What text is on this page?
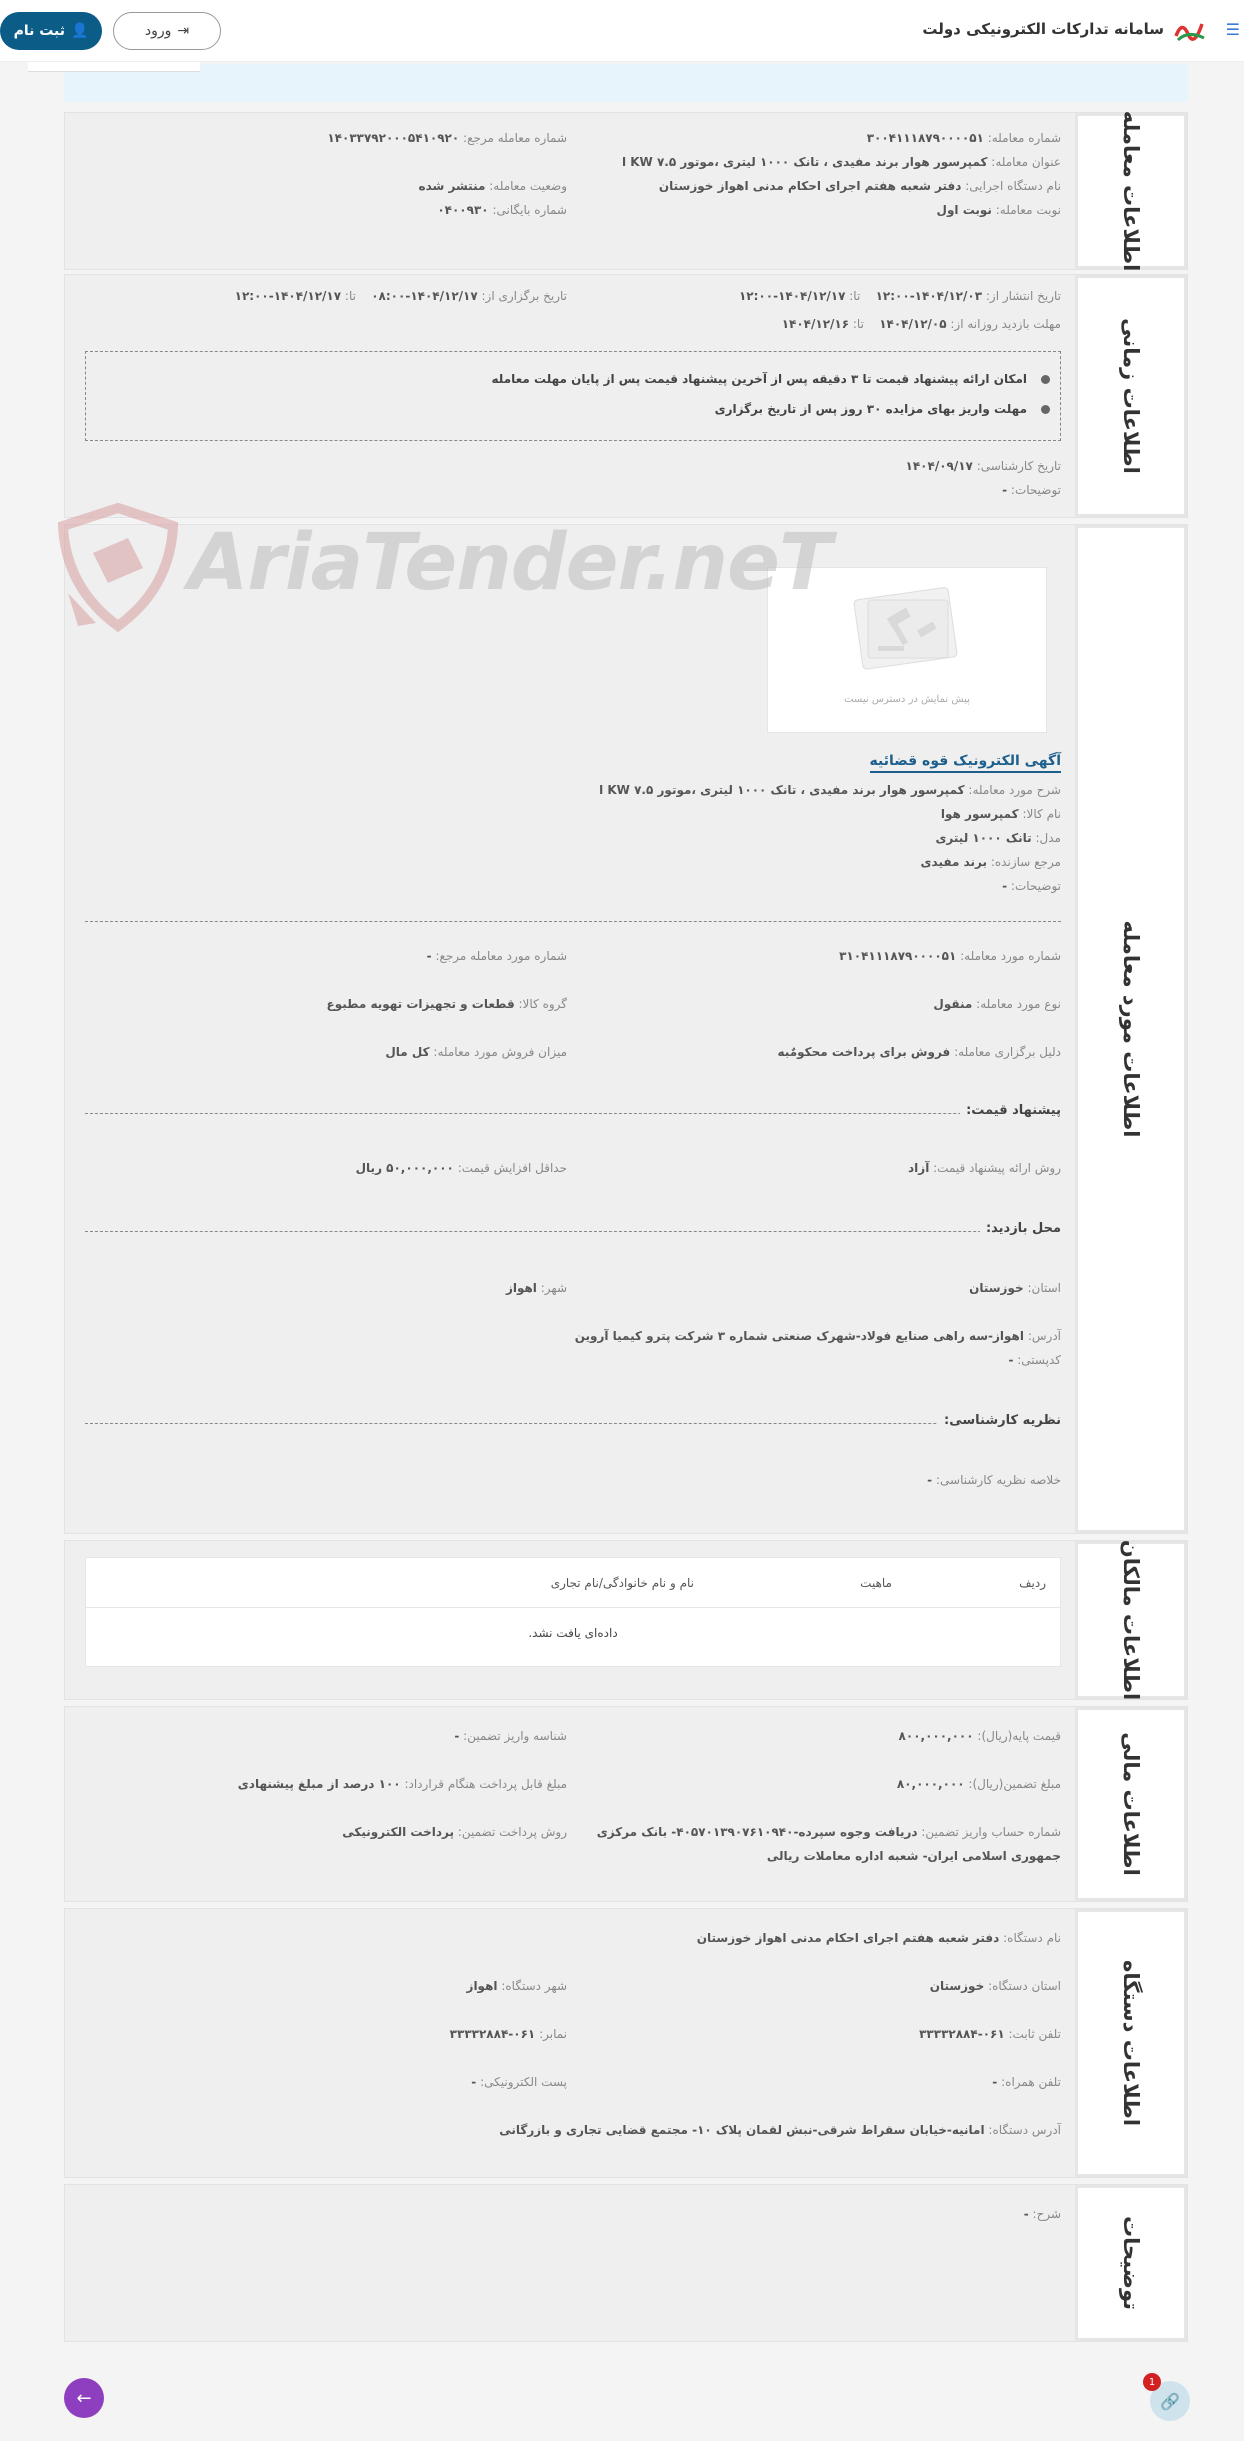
☰
سامانه تدارکات الکترونیکی دولت
⇥
ورود
👤
ثبت نام
اطلاعات معامله
شماره معامله: ۳۰۰۴۱۱۱۸۷۹۰۰۰۰۵۱
شماره معامله مرجع: ۱۴۰۳۳۷۹۲۰۰۰۵۴۱۰۹۲۰
عنوان معامله: کمپرسور هوار برند مفیدی ، تانک ۱۰۰۰ لیتری ،موتور ۷.۵ KW ا
نام دستگاه اجرایی: دفتر شعبه هفتم اجرای احکام مدنی اهواز خوزستان
وضعیت معامله: منتشر شده
نوبت معامله: نوبت اول
شماره بایگانی: ۰۴۰۰۹۳۰
اطلاعات زمانی
تاریخ انتشار از: ۱۴۰۴/۱۲/۰۳-۱۲:۰۰    تا: ۱۴۰۴/۱۲/۱۷-۱۲:۰۰
تاریخ برگزاری از: ۱۴۰۴/۱۲/۱۷-۰۸:۰۰    تا: ۱۴۰۴/۱۲/۱۷-۱۲:۰۰
مهلت بازدید روزانه از: ۱۴۰۴/۱۲/۰۵    تا: ۱۴۰۴/۱۲/۱۶
امکان ارائه پیشنهاد قیمت تا ۳ دقیقه پس از آخرین پیشنهاد قیمت پس از پایان مهلت معامله
مهلت واریز بهای مزایده ۳۰ روز پس از تاریخ برگزاری
تاریخ کارشناسی: ۱۴۰۴/۰۹/۱۷
توضیحات: -
اطلاعات مورد معامله
پیش نمایش در دسترس نیست
آگهی الکترونیک قوه قضائیه
شرح مورد معامله: کمپرسور هوار برند مفیدی ، تانک ۱۰۰۰ لیتری ،موتور ۷.۵ KW ا
نام کالا: کمپرسور هوا
مدل: تانک ۱۰۰۰ لیتری
مرجع سازنده: برند مفیدی
توضیحات: -
شماره مورد معامله: ۳۱۰۴۱۱۱۸۷۹۰۰۰۰۵۱
شماره مورد معامله مرجع: -
نوع مورد معامله: منقول
گروه کالا: قطعات و تجهیزات تهویه مطبوع
دلیل برگزاری معامله: فروش برای پرداخت محکومٌبه
میزان فروش مورد معامله: کل مال
پیشنهاد قیمت:
روش ارائه پیشنهاد قیمت: آزاد
حداقل افزایش قیمت: ۵۰,۰۰۰,۰۰۰ ریال
محل بازدید:
استان: خوزستان
شهر: اهواز
آدرس: اهواز-سه راهی صنایع فولاد-شهرک صنعتی شماره ۳ شرکت پترو کیمیا آروین
کدپستی: -
نظریه کارشناسی:
خلاصه نظریه کارشناسی: -
AriaTender.neT
اطلاعات مالکان
ردیف
ماهیت
نام و نام خانوادگی/نام تجاری
داده‌ای یافت نشد.
اطلاعات مالی
قیمت پایه(ریال): ۸۰۰,۰۰۰,۰۰۰
شناسه واریز تضمین: -
مبلغ تضمین(ریال): ۸۰,۰۰۰,۰۰۰
مبلغ قابل پرداخت هنگام قرارداد: ۱۰۰ درصد از مبلغ پیشنهادی
شماره حساب واریز تضمین: دریافت وجوه سپرده-۴۰۵۷۰۱۳۹۰۷۶۱۰۹۴۰- بانک مرکزی
جمهوری اسلامی ایران- شعبه اداره معاملات ریالی
روش پرداخت تضمین: پرداخت الکترونیکی
اطلاعات دستگاه
نام دستگاه: دفتر شعبه هفتم اجرای احکام مدنی اهواز خوزستان
استان دستگاه: خوزستان
شهر دستگاه: اهواز
تلفن ثابت: ۰۶۱-۳۳۳۳۲۸۸۴
نمابر: ۰۶۱-۳۳۳۳۲۸۸۴
تلفن همراه: -
پست الکترونیکی: -
آدرس دستگاه: امانیه-خیابان سقراط شرقی-نبش لقمان پلاک ۱۰- مجتمع قضایی تجاری و بازرگانی
توضیحات
شرح: -
←	🔗
1
